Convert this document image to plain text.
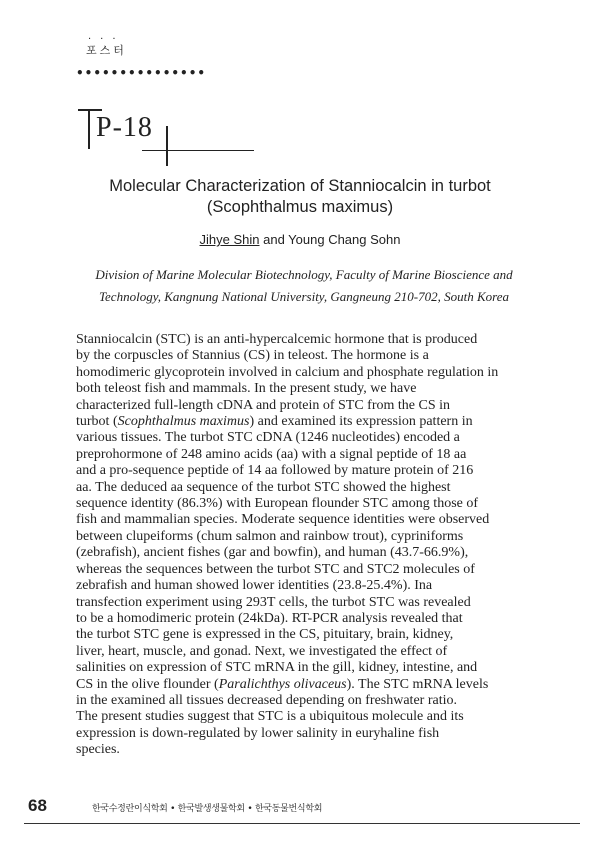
···
포스터
•••••••••••••••
P-18
Molecular Characterization of Stanniocalcin in turbot
(Scophthalmus maximus)
Jihye Shin and Young Chang Sohn
Division of Marine Molecular Biotechnology, Faculty of Marine Bioscience and
Technology, Kangnung National University, Gangneung 210-702, South Korea
Stanniocalcin (STC) is an anti-hypercalcemic hormone that is produced
by the corpuscles of Stannius (CS) in teleost. The hormone is a
homodimeric glycoprotein involved in calcium and phosphate regulation in
both teleost fish and mammals. In the present study, we have
characterized full-length cDNA and protein of STC from the CS in
turbot (Scophthalmus maximus) and examined its expression pattern in
various tissues. The turbot STC cDNA (1246 nucleotides) encoded a
preprohormone of 248 amino acids (aa) with a signal peptide of 18 aa
and a pro-sequence peptide of 14 aa followed by mature protein of 216
aa. The deduced aa sequence of the turbot STC showed the highest
sequence identity (86.3%) with European flounder STC among those of
fish and mammalian species. Moderate sequence identities were observed
between clupeiforms (chum salmon and rainbow trout), cypriniforms
(zebrafish), ancient fishes (gar and bowfin), and human (43.7-66.9%),
whereas the sequences between the turbot STC and STC2 molecules of
zebrafish and human showed lower identities (23.8-25.4%). Ina
transfection experiment using 293T cells, the turbot STC was revealed
to be a homodimeric protein (24kDa). RT-PCR analysis revealed that
the turbot STC gene is expressed in the CS, pituitary, brain, kidney,
liver, heart, muscle, and gonad. Next, we investigated the effect of
salinities on expression of STC mRNA in the gill, kidney, intestine, and
CS in the olive flounder (Paralichthys olivaceus). The STC mRNA levels
in the examined all tissues decreased depending on freshwater ratio.
The present studies suggest that STC is a ubiquitous molecule and its
expression is down-regulated by lower salinity in euryhaline fish
species.
68	한국수정란이식학회 • 한국발생생물학회 • 한국동물번식학회
